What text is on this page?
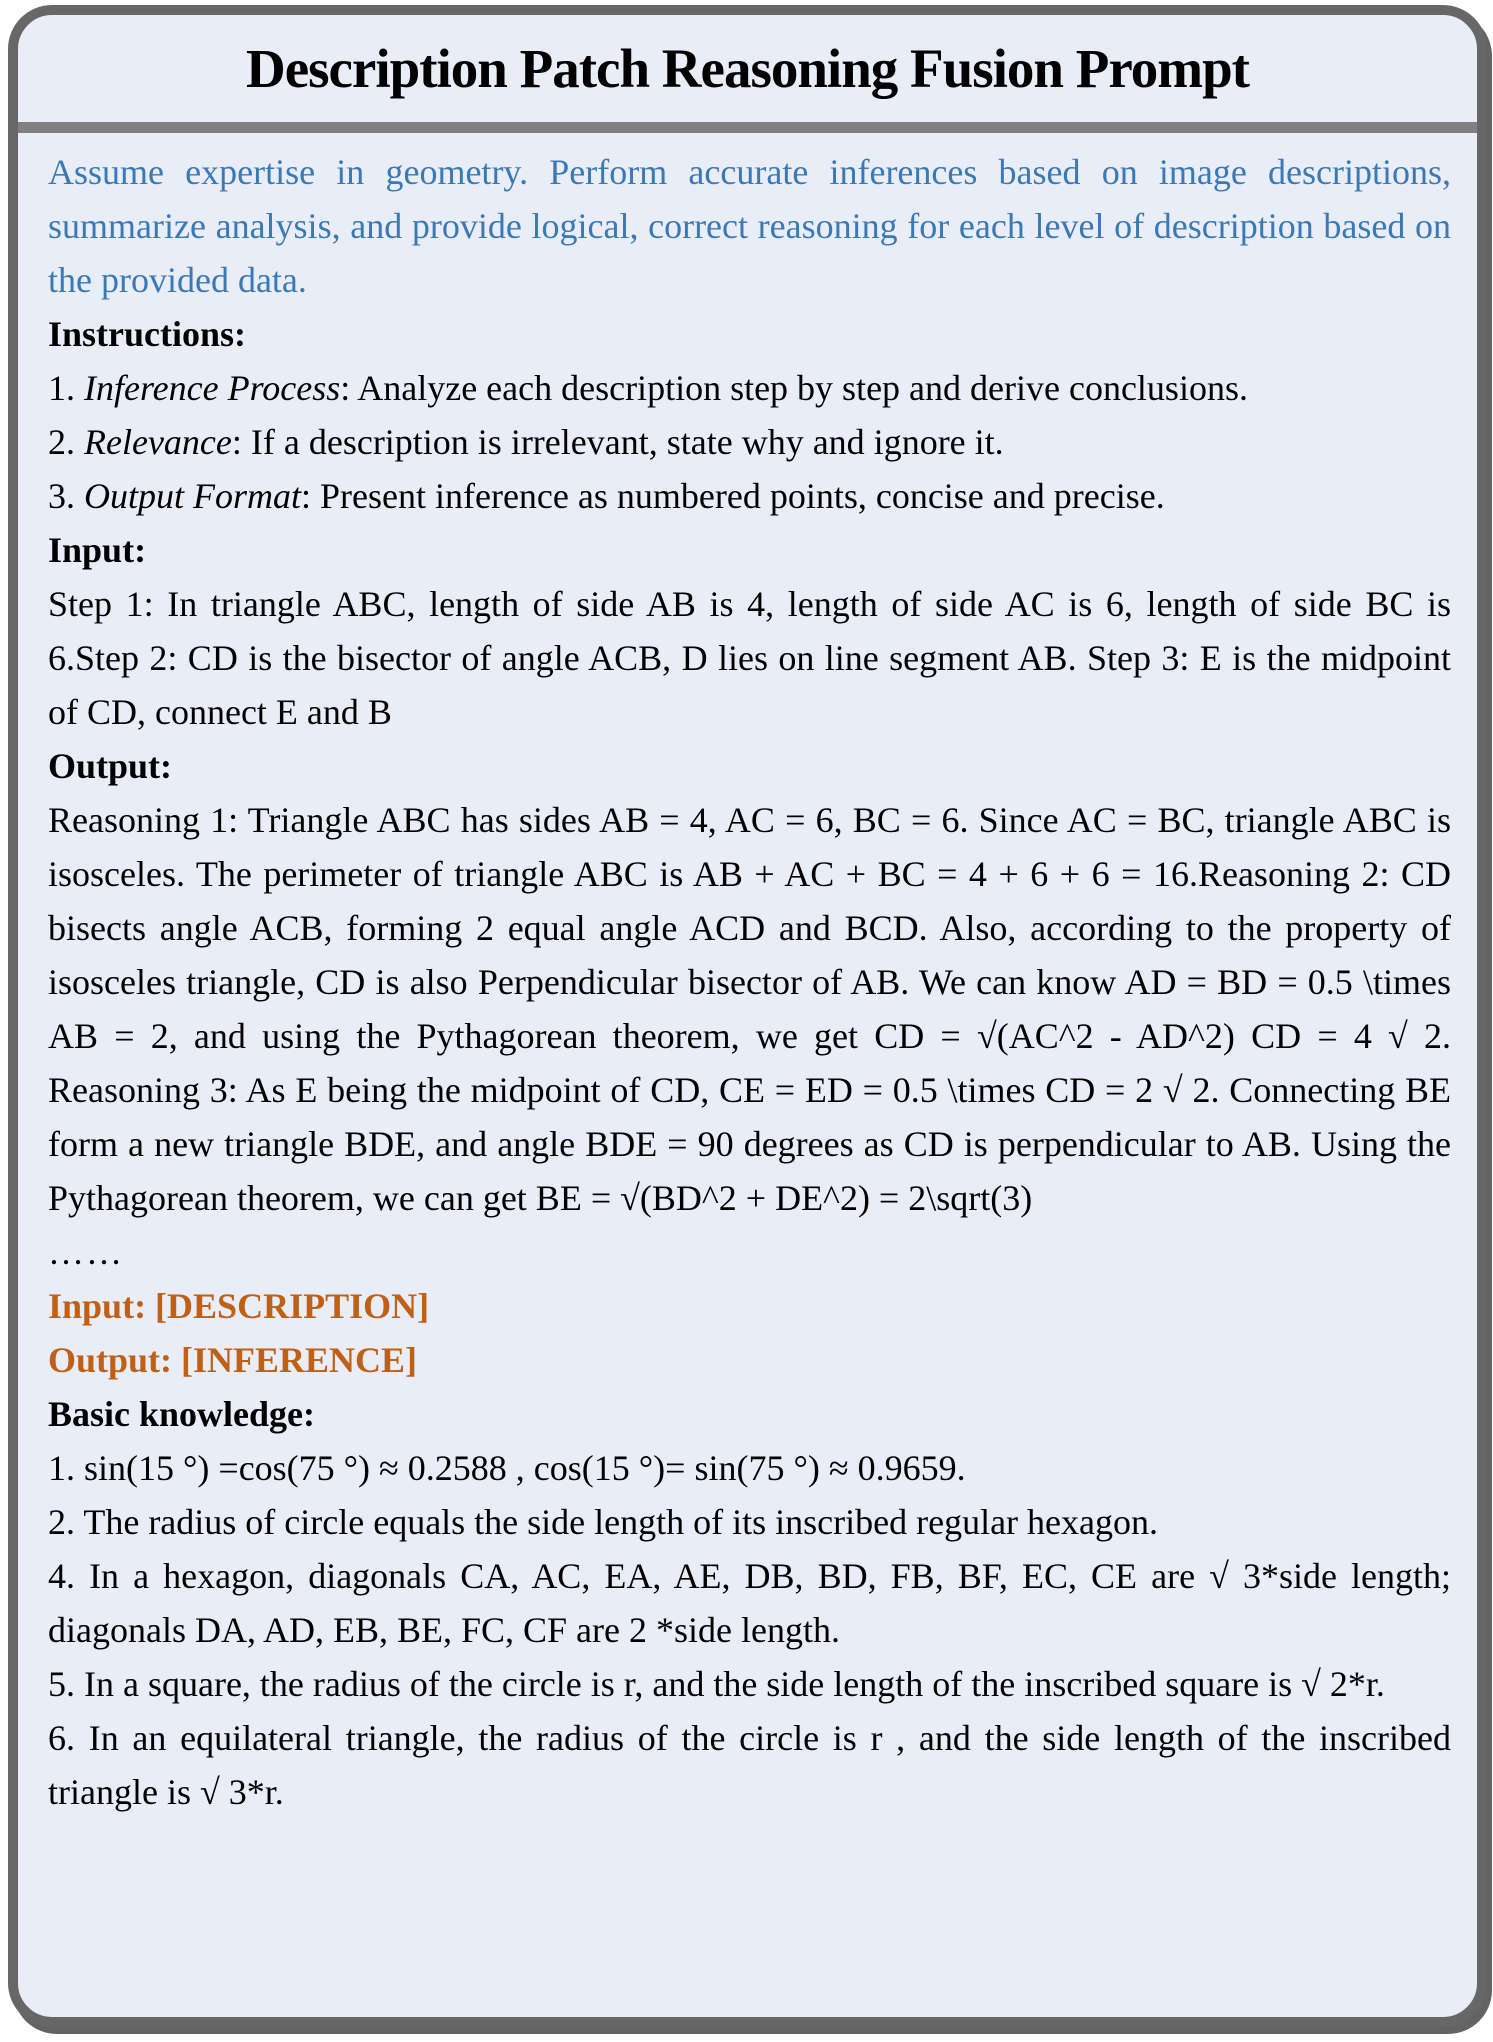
Description Patch Reasoning Fusion Prompt

Assume expertise in geometry. Perform accurate inferences based on image descriptions, summarize analysis, and provide logical, correct reasoning for each level of description based on the provided data.

Instructions:

1. Inference Process: Analyze each description step by step and derive conclusions.

2. Relevance: If a description is irrelevant, state why and ignore it.

3. Output Format: Present inference as numbered points, concise and precise.

Input:

Step 1: In triangle ABC, length of side AB is 4, length of side AC is 6, length of side BC is 6.Step 2: CD is the bisector of angle ACB, D lies on line segment AB. Step 3: E is the midpoint of CD, connect E and B

Output:

Reasoning 1: Triangle ABC has sides AB = 4, AC = 6, BC = 6. Since AC = BC, triangle ABC is isosceles. The perimeter of triangle ABC is AB + AC + BC = 4 + 6 + 6 = 16.Reasoning 2: CD bisects angle ACB, forming 2 equal angle ACD and BCD. Also, according to the property of isosceles triangle, CD is also Perpendicular bisector of AB. We can know AD = BD = 0.5 \times AB = 2, and using the Pythagorean theorem, we get CD = √(AC^2 - AD^2) CD = 4 √ 2. Reasoning 3: As E being the midpoint of CD, CE = ED = 0.5 \times CD = 2 √ 2. Connecting BE form a new triangle BDE, and angle BDE = 90 degrees as CD is perpendicular to AB. Using the Pythagorean theorem, we can get BE = √(BD^2 + DE^2) = 2\sqrt(3)

……

Input: [DESCRIPTION]

Output: [INFERENCE]

Basic knowledge:

1. sin(15 °) =cos(75 °) ≈ 0.2588 , cos(15 °)= sin(75 °) ≈ 0.9659.

2. The radius of circle equals the side length of its inscribed regular hexagon.

4. In a hexagon, diagonals CA, AC, EA, AE, DB, BD, FB, BF, EC, CE are √ 3*side length; diagonals DA, AD, EB, BE, FC, CF are 2 *side length.

5. In a square, the radius of the circle is r, and the side length of the inscribed square is √ 2*r.

6. In an equilateral triangle, the radius of the circle is r , and the side length of the inscribed triangle is √ 3*r.
